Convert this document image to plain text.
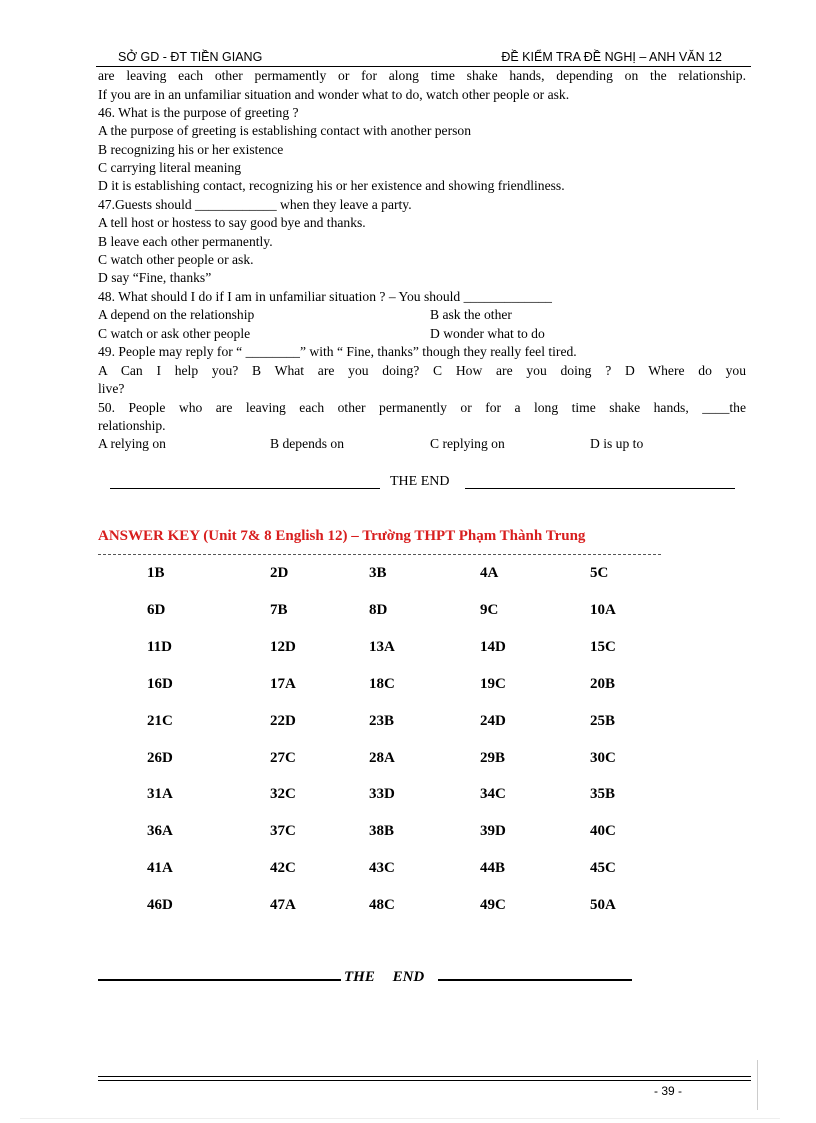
SỞ GD - ĐT TIỀN GIANG	ĐỀ KIỂM TRA ĐỀ NGHỊ – ANH VĂN 12
are leaving each other permamently or for along time shake hands, depending on the relationship.
If you are in an unfamiliar situation and wonder what to do, watch other people or ask.
46. What is the purpose of greeting ?
A the purpose of greeting is establishing contact with another person
B recognizing his or her existence
C carrying literal meaning
D it is establishing contact, recognizing his or her existence and showing friendliness.
47.Guests should ____________ when they leave a party.
A tell host or hostess to say good bye and thanks.
B leave each other permanently.
C watch other people or ask.
D say “Fine, thanks”
48. What should I do if I am in unfamiliar situation ? – You should _____________
A depend on the relationship	B ask the other
C watch or ask other people	D wonder what to do
49. People may reply for “ ________” with “ Fine, thanks” though they really feel tired.
A Can I help you? B What are you doing? C How are you doing ? D Where do you
live?
50. People who are leaving each other permanently or for a long time shake hands, ____the
relationship.
A relying on	B depends on	C replying on	D is up to
THE END
ANSWER KEY (Unit 7& 8 English 12) – Trường THPT Phạm Thành Trung
1B	2D	3B	4A	5C
6D	7B	8D	9C	10A
11D	12D	13A	14D	15C
16D	17A	18C	19C	20B
21C	22D	23B	24D	25B
26D	27C	28A	29B	30C
31A	32C	33D	34C	35B
36A	37C	38B	39D	40C
41A	42C	43C	44B	45C
46D	47A	48C	49C	50A
THE END
- 39 -
